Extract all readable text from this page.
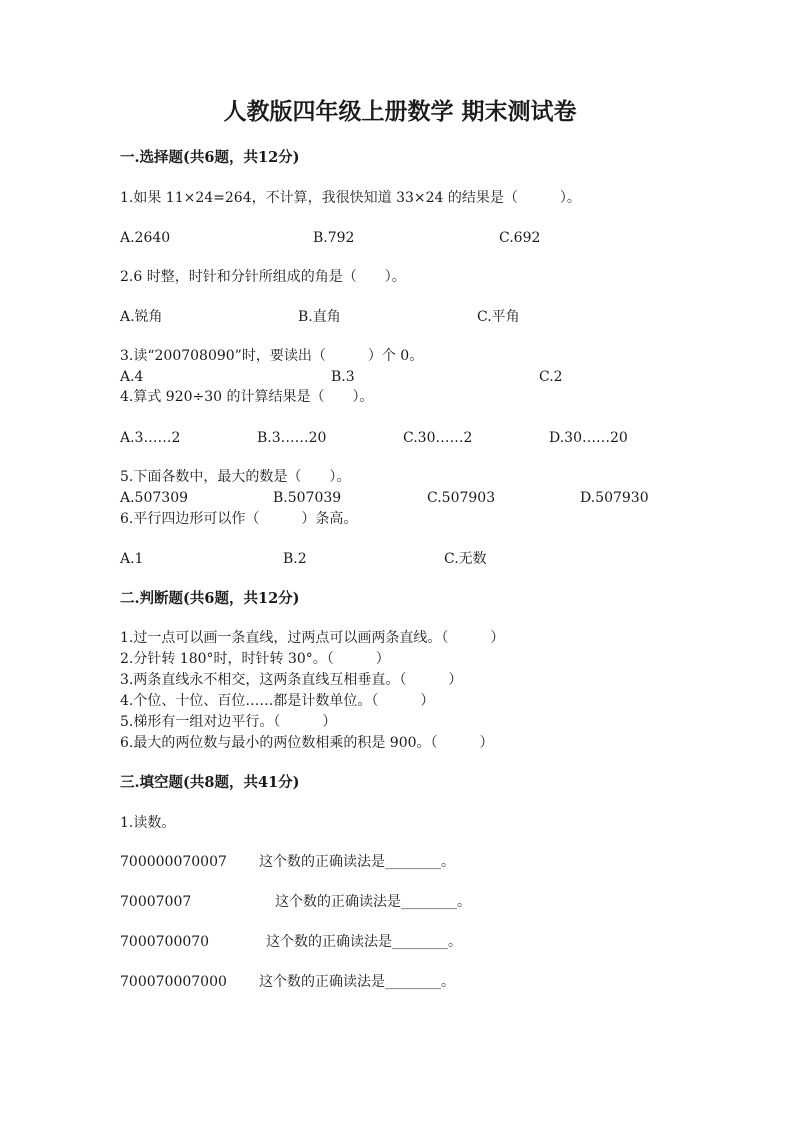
人教版四年级上册数学 期末测试卷
一.选择题(共6题，共12分)
1.如果 11×24=264，不计算，我很快知道 33×24 的结果是（　　　）。
A.2640	B.792	C.692
2.6 时整，时针和分针所组成的角是（　　）。
A.锐角	B.直角	C.平角
3.读“200708090”时，要读出（　　　）个 0。
A.4	B.3	C.2
4.算式 920÷30 的计算结果是（　　）。
A.3……2	B.3……20	C.30……2	D.30……20
5.下面各数中，最大的数是（　　）。
A.507309	B.507039	C.507903	D.507930
6.平行四边形可以作（　　　）条高。
A.1	B.2	C.无数
二.判断题(共6题，共12分)
1.过一点可以画一条直线，过两点可以画两条直线。（　　　）
2.分针转 180°时，时针转 30°。（　　　）
3.两条直线永不相交，这两条直线互相垂直。（　　　）
4.个位、十位、百位……都是计数单位。（　　　）
5.梯形有一组对边平行。（　　　）
6.最大的两位数与最小的两位数相乘的积是 900。（　　　）
三.填空题(共8题，共41分)
1.读数。
700000070007 这个数的正确读法是________。
70007007	这个数的正确读法是________。
7000700070	这个数的正确读法是________。
700070007000 这个数的正确读法是________。
